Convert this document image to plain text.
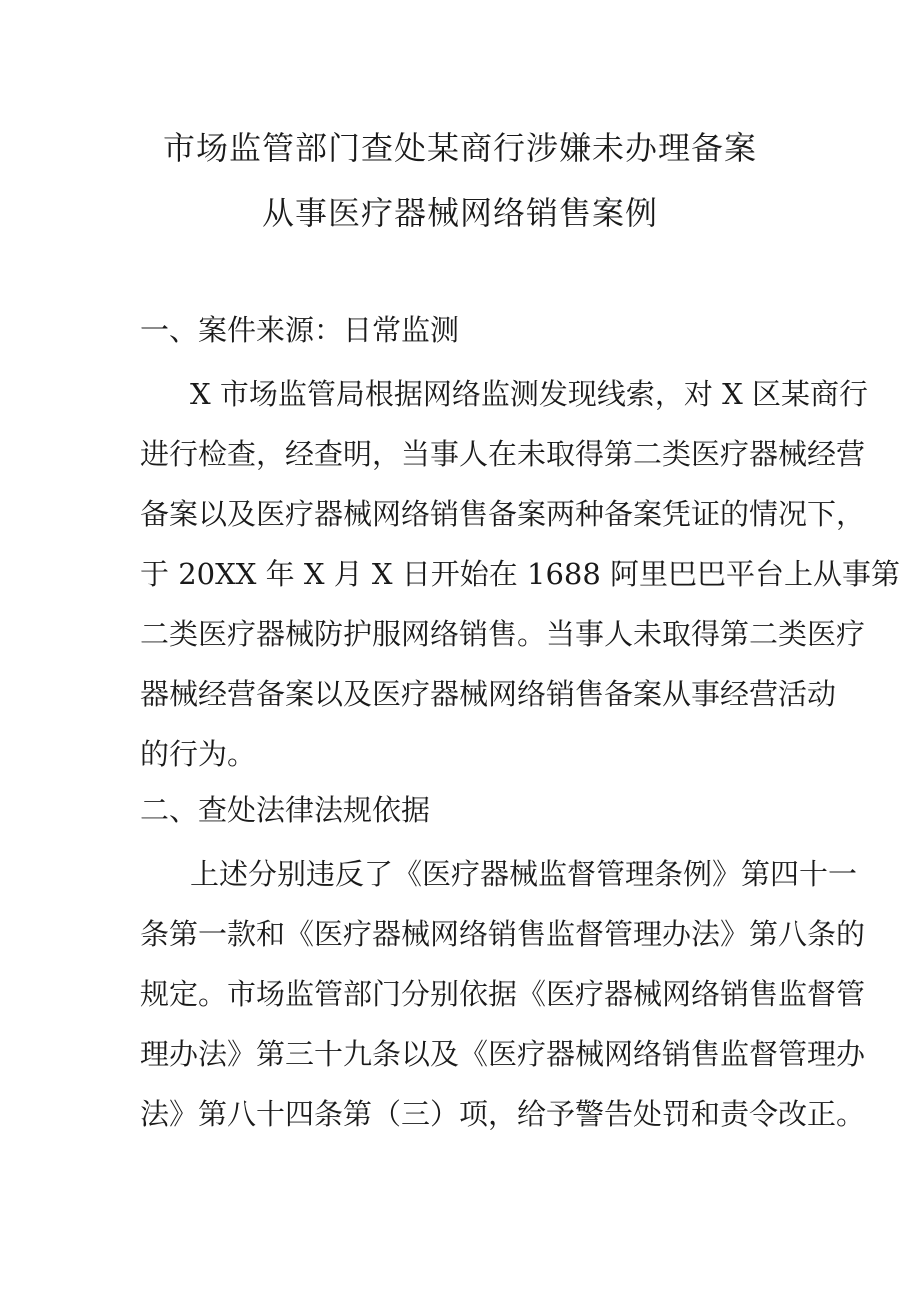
市场监管部门查处某商行涉嫌未办理备案
从事医疗器械网络销售案例
一、案件来源：日常监测
X 市场监管局根据网络监测发现线索，对 X 区某商行
进行检查，经查明，当事人在未取得第二类医疗器械经营
备案以及医疗器械网络销售备案两种备案凭证的情况下，
于 20XX 年 X 月 X 日开始在 1688 阿里巴巴平台上从事第
二类医疗器械防护服网络销售。当事人未取得第二类医疗
器械经营备案以及医疗器械网络销售备案从事经营活动
的行为。
二、查处法律法规依据
上述分别违反了《医疗器械监督管理条例》第四十一
条第一款和《医疗器械网络销售监督管理办法》第八条的
规定。市场监管部门分别依据《医疗器械网络销售监督管
理办法》第三十九条以及《医疗器械网络销售监督管理办
法》第八十四条第（三）项，给予警告处罚和责令改正。
